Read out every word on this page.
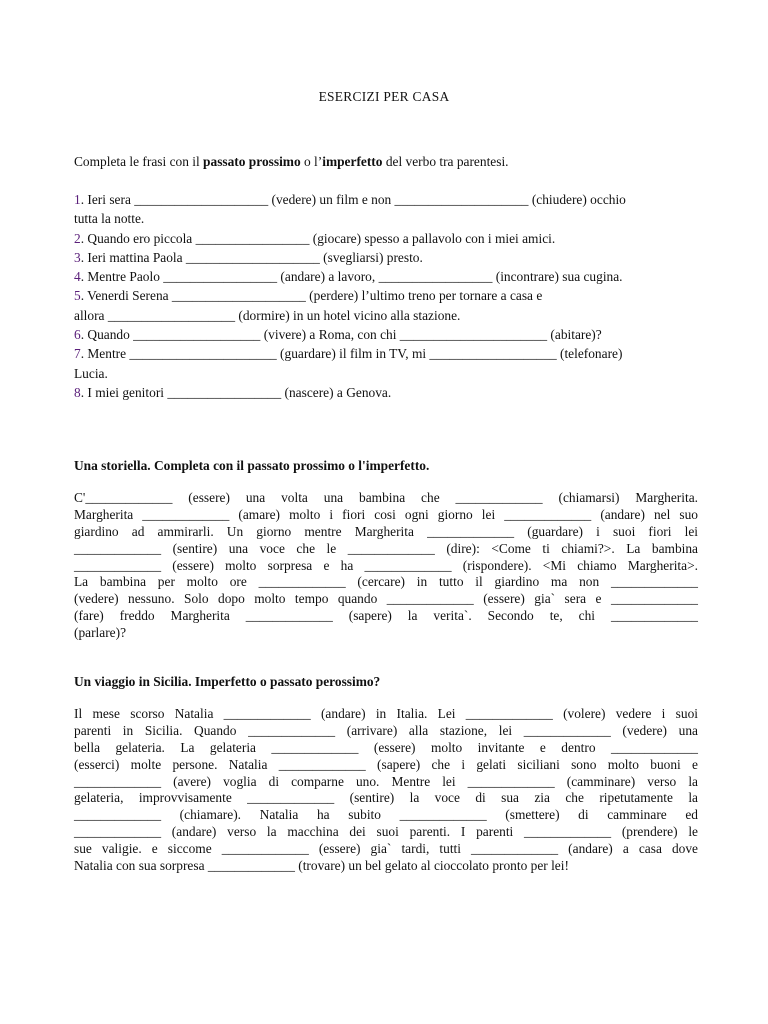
ESERCIZI PER CASA
Completa le frasi con il passato prossimo o l’imperfetto del verbo tra parentesi.
1. Ieri sera ____________________ (vedere) un film e non ____________________ (chiudere) occhio
tutta la notte.
2. Quando ero piccola _________________ (giocare) spesso a pallavolo con i miei amici.
3. Ieri mattina Paola ____________________ (svegliarsi) presto.
4. Mentre Paolo _________________ (andare) a lavoro, _________________ (incontrare) sua cugina.
5. Venerdi Serena ____________________ (perdere) l’ultimo treno per tornare a casa e
allora ___________________ (dormire) in un hotel vicino alla stazione.
6. Quando ___________________ (vivere) a Roma, con chi ______________________ (abitare)?
7. Mentre ______________________ (guardare) il film in TV, mi ___________________ (telefonare)
Lucia.
8. I miei genitori _________________ (nascere) a Genova.
Una storiella. Completa con il passato prossimo o l'imperfetto.
C'_____________ (essere) una volta una bambina che _____________ (chiamarsi) Margherita.
Margherita _____________ (amare) molto i fiori cosi ogni giorno lei _____________ (andare) nel suo
giardino ad ammirarli. Un giorno mentre Margherita _____________ (guardare) i suoi fiori lei
_____________ (sentire) una voce che le _____________ (dire): <Come ti chiami?>. La bambina
_____________ (essere) molto sorpresa e ha _____________ (rispondere). <Mi chiamo Margherita>.
La bambina per molto ore _____________ (cercare) in tutto il giardino ma non _____________
(vedere) nessuno. Solo dopo molto tempo quando _____________ (essere) gia` sera e _____________
(fare) freddo Margherita _____________ (sapere) la verita`. Secondo te, chi _____________
(parlare)?
Un viaggio in Sicilia. Imperfetto o passato perossimo?
Il mese scorso Natalia _____________ (andare) in Italia. Lei _____________ (volere) vedere i suoi
parenti in Sicilia. Quando _____________ (arrivare) alla stazione, lei _____________ (vedere) una
bella gelateria. La gelateria _____________ (essere) molto invitante e dentro _____________
(esserci) molte persone. Natalia _____________ (sapere) che i gelati siciliani sono molto buoni e
_____________ (avere) voglia di comparne uno. Mentre lei _____________ (camminare) verso la
gelateria, improvvisamente _____________ (sentire) la voce di sua zia che ripetutamente la
_____________ (chiamare). Natalia ha subito _____________ (smettere) di camminare ed
_____________ (andare) verso la macchina dei suoi parenti. I parenti _____________ (prendere) le
sue valigie. e siccome _____________ (essere) gia` tardi, tutti _____________ (andare) a casa dove
Natalia con sua sorpresa _____________ (trovare) un bel gelato al cioccolato pronto per lei!
